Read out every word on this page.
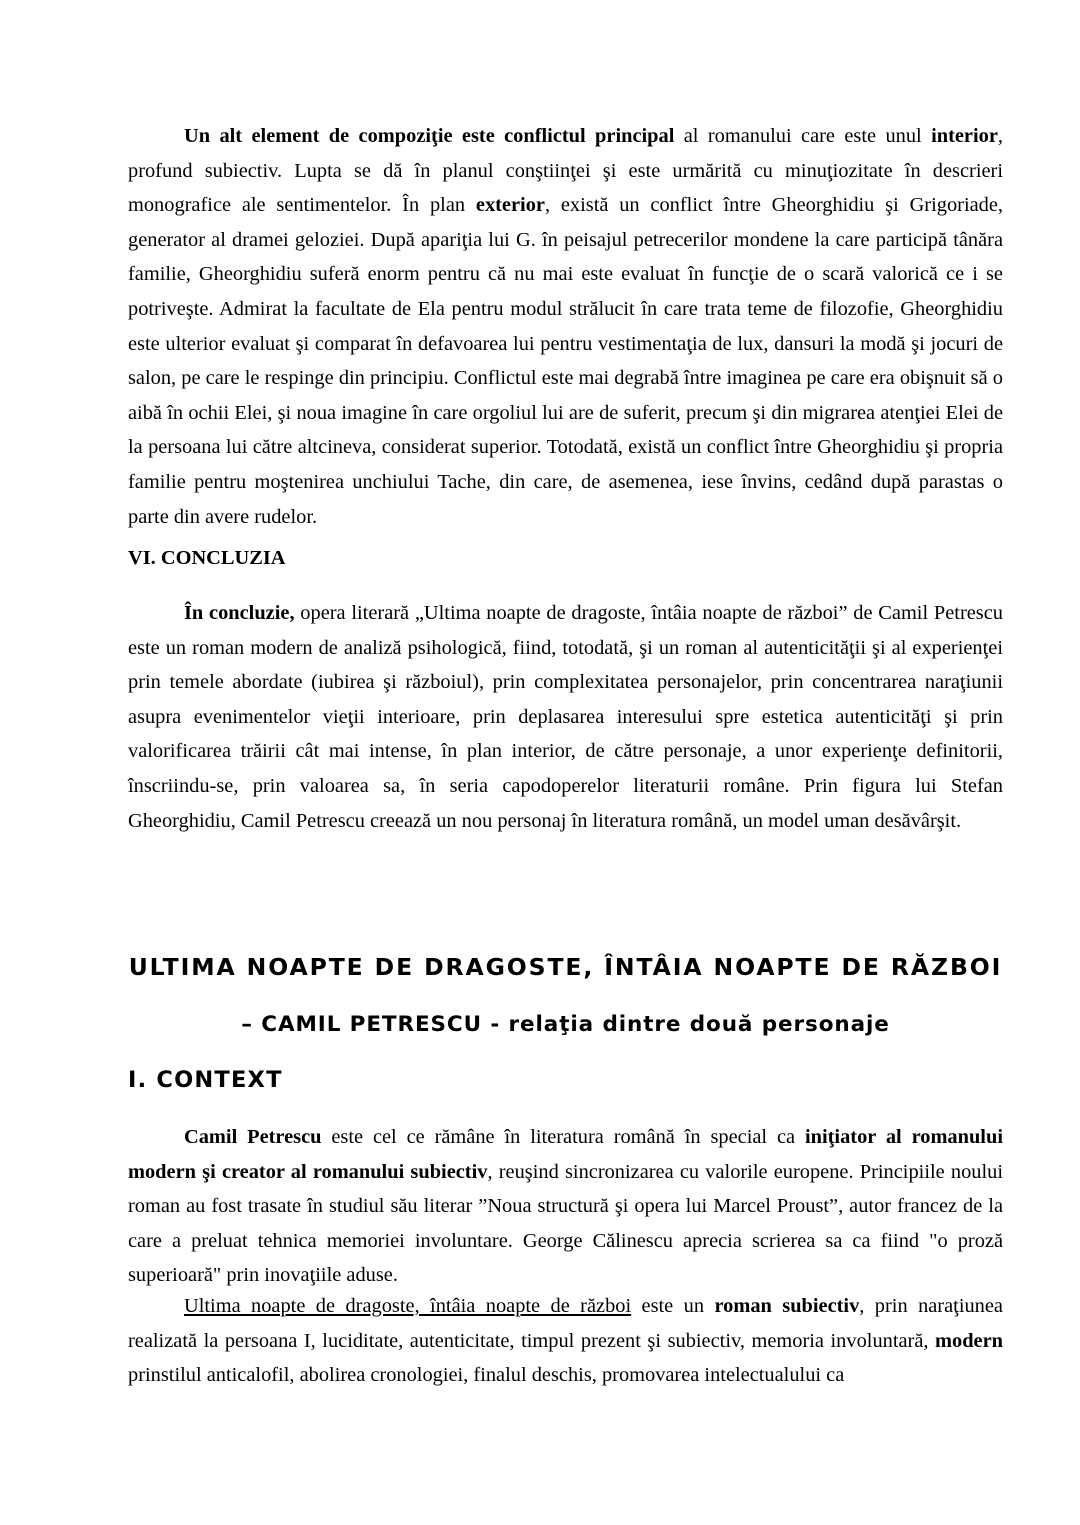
Un alt element de compoziţie este conflictul principal al romanului care este unul interior, profund subiectiv. Lupta se dă în planul conştiinţei şi este urmărită cu minuţiozitate în descrieri monografice ale sentimentelor. În plan exterior, există un conflict între Gheorghidiu şi Grigoriade, generator al dramei geloziei. După apariţia lui G. în peisajul petrecerilor mondene la care participă tânăra familie, Gheorghidiu suferă enorm pentru că nu mai este evaluat în funcţie de o scară valorică ce i se potriveşte. Admirat la facultate de Ela pentru modul strălucit în care trata teme de filozofie, Gheorghidiu este ulterior evaluat şi comparat în defavoarea lui pentru vestimentaţia de lux, dansuri la modă şi jocuri de salon, pe care le respinge din principiu. Conflictul este mai degrabă între imaginea pe care era obişnuit să o aibă în ochii Elei, şi noua imagine în care orgoliul lui are de suferit, precum şi din migrarea atenţiei Elei de la persoana lui către altcineva, considerat superior. Totodată, există un conflict între Gheorghidiu şi propria familie pentru moştenirea unchiului Tache, din care, de asemenea, iese învins, cedând după parastas o parte din avere rudelor.

VI. CONCLUZIA

În concluzie, opera literară „Ultima noapte de dragoste, întâia noapte de război” de Camil Petrescu este un roman modern de analiză psihologică, fiind, totodată, şi un roman al autenticităţii şi al experienţei prin temele abordate (iubirea şi războiul), prin complexitatea personajelor, prin concentrarea naraţiunii asupra evenimentelor vieţii interioare, prin deplasarea interesului spre estetica autenticităţi şi prin valorificarea trăirii cât mai intense, în plan interior, de către personaje, a unor experienţe definitorii, înscriindu-se, prin valoarea sa, în seria capodoperelor literaturii române. Prin figura lui Stefan Gheorghidiu, Camil Petrescu creează un nou personaj în literatura română, un model uman desăvârşit.

ULTIMA NOAPTE DE DRAGOSTE, ÎNTÂIA NOAPTE DE RĂZBOI
– CAMIL PETRESCU - relaţia dintre două personaje
I. CONTEXT

Camil Petrescu este cel ce rămâne în literatura română în special ca iniţiator al romanului modern şi creator al romanului subiectiv, reuşind sincronizarea cu valorile europene. Principiile noului roman au fost trasate în studiul său literar ”Noua structură şi opera lui Marcel Proust”, autor francez de la care a preluat tehnica memoriei involuntare. George Călinescu aprecia scrierea sa ca fiind "o proză superioară" prin inovaţiile aduse.

Ultima noapte de dragoste, întâia noapte de război este un roman subiectiv, prin naraţiunea realizată la persoana I, luciditate, autenticitate, timpul prezent şi subiectiv, memoria involuntară, modern prinstilul anticalofil, abolirea cronologiei, finalul deschis, promovarea intelectualului ca
